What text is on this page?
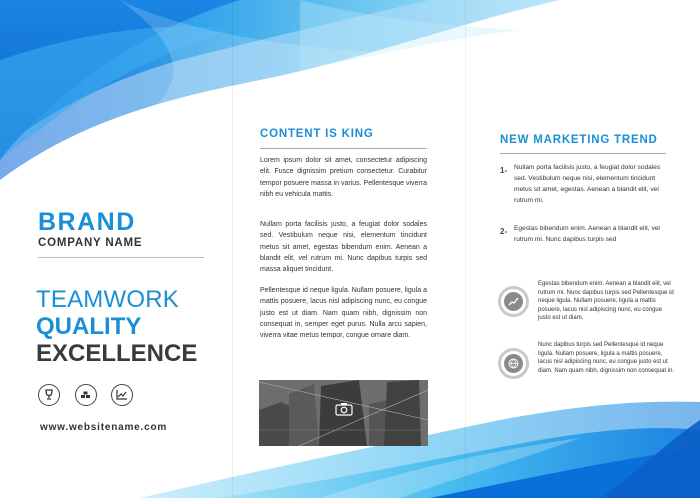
BRAND
COMPANY NAME
TEAMWORK
QUALITY
EXCELLENCE
www.websitename.com
CONTENT IS KING

Lorem ipsum dolor sit amet, consectetur adipiscing elit. Fusce dignissim pretium consectetur. Curabitur tempor posuere massa in varius. Pellentesque viverra nibh eu vehicula mattis.

Nullam porta facilisis justo, a feugiat dolor sodales sed. Vestibulum neque nisi, elementum tincidunt metus sit amet, egestas bibendum enim. Aenean a blandit elit, vel rutrum mi. Nunc dapibus turpis sed massa aliquet tincidunt.

Pellentesque id neque ligula. Nullam posuere, ligula a mattis posuere, lacus nisl adipiscing nunc, eu congue justo est ut diam. Nam quam nibh, dignissim non consequat in, semper eget purus. Nulla arcu sapien, viverra vitae metus tempor, congue ornare diam.

NEW MARKETING TREND
1- Nullam porta facilisis justo, a feugiat dolor sodales sed. Vestibulum neque nisi, elementum tincidunt metus sit amet, egestas. Aenean a blandit elit, vel rutrum mi.

2- Egestas bibendum enim. Aenean a blandit elit, vel rutrum mi. Nunc dapibus turpis sed

Egestas bibendum enim. Aenean a blandit elit, vel rutrum mi. Nunc dapibus turpis sed Pellentesque id neque ligula. Nullam posuere, ligula a mattis posuere, lacus nisl adipiscing nunc, eu congue justo est ut diam.

Nunc dapibus turpis sed Pellentesque id neque ligula. Nullam posuere, ligula a mattis posuere, lacus nisl adipiscing nunc, eu congue justo est ut diam. Nam quam nibh, dignissim non consequat in.
